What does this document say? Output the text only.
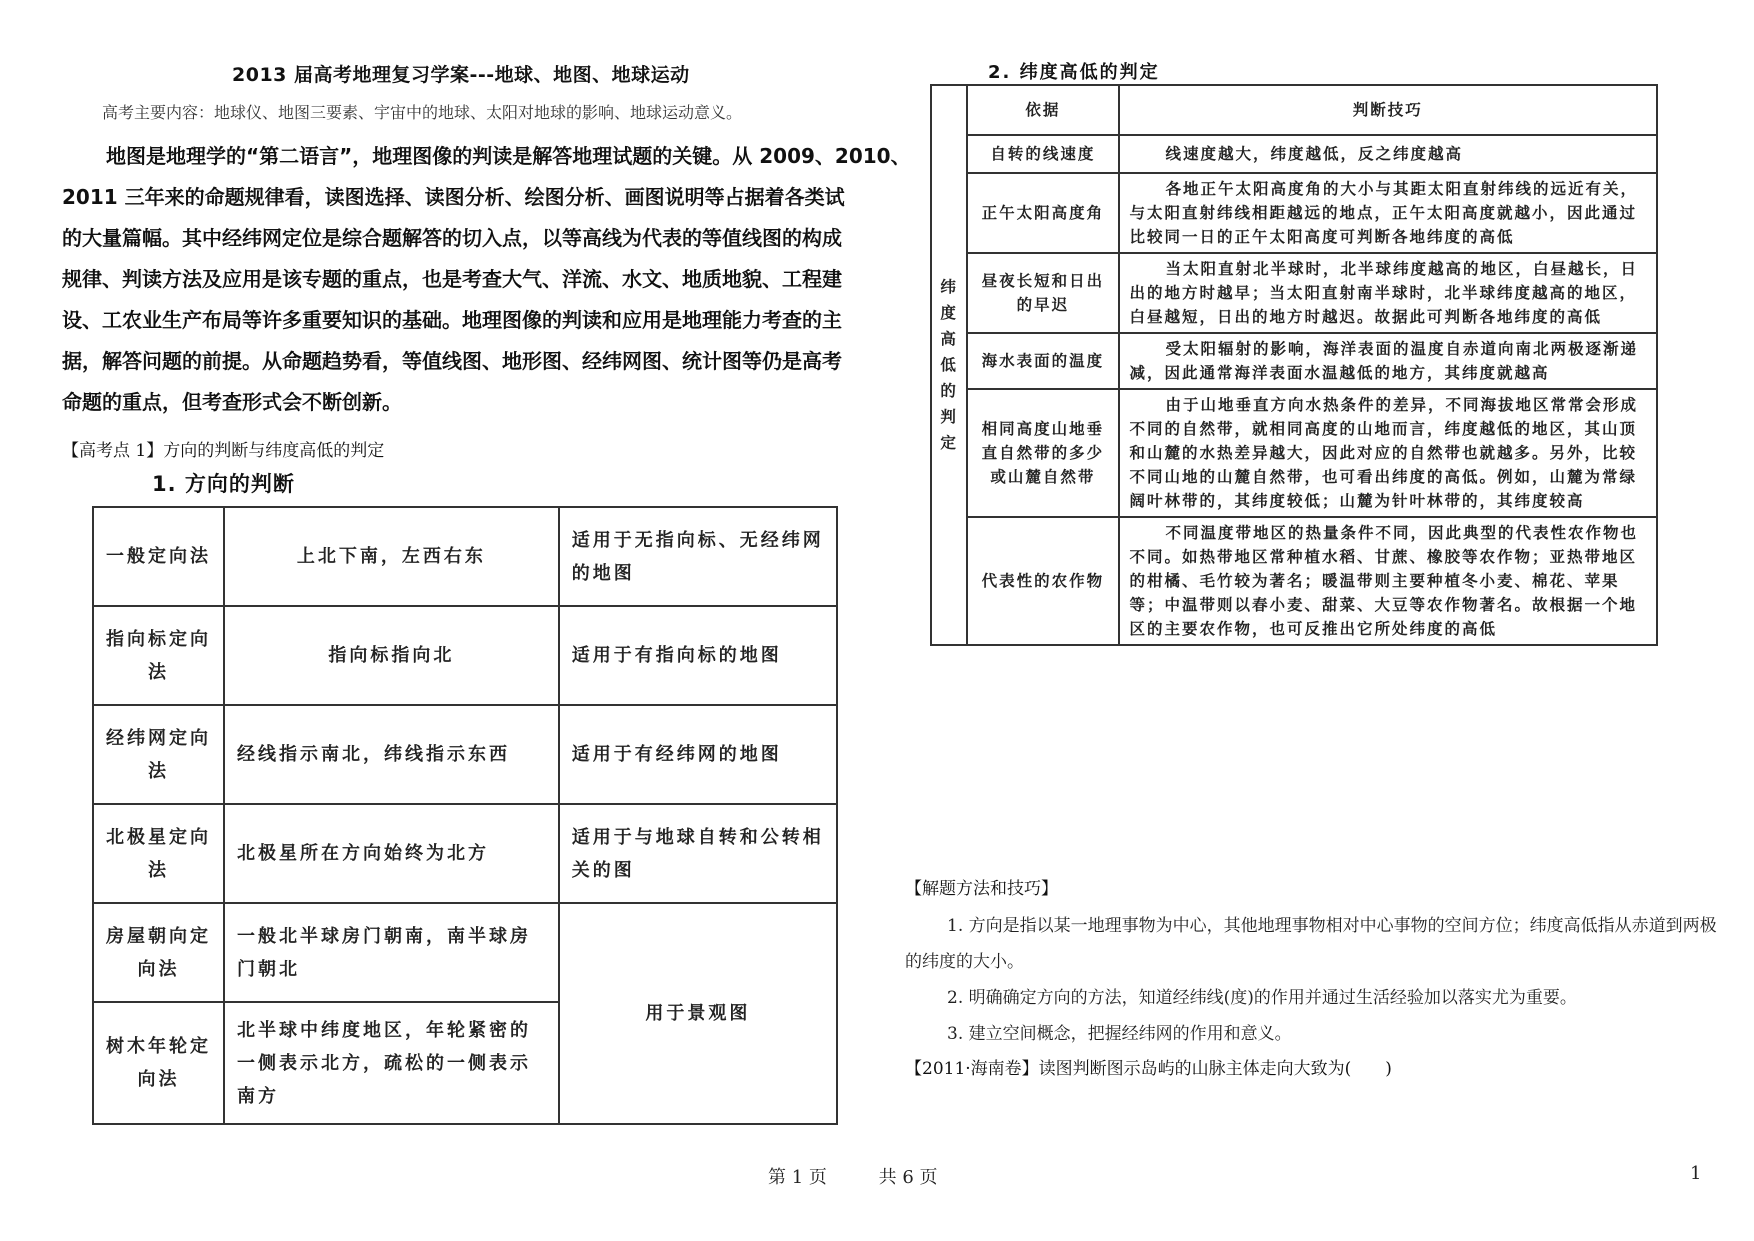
2013 届高考地理复习学案---地球、地图、地球运动
高考主要内容：地球仪、地图三要素、宇宙中的地球、太阳对地球的影响、地球运动意义。
地图是地理学的“第二语言”，地理图像的判读是解答地理试题的关键。从 2009、2010、
2011 三年来的命题规律看，读图选择、读图分析、绘图分析、画图说明等占据着各类试
的大量篇幅。其中经纬网定位是综合题解答的切入点，以等高线为代表的等值线图的构成
规律、判读方法及应用是该专题的重点，也是考查大气、洋流、水文、地质地貌、工程建
设、工农业生产布局等许多重要知识的基础。地理图像的判读和应用是地理能力考查的主
据，解答问题的前提。从命题趋势看，等值线图、地形图、经纬网图、统计图等仍是高考
命题的重点，但考查形式会不断创新。
【高考点 1】方向的判断与纬度高低的判定
1. 方向的判断
一般定向法	上北下南，左西右东	适用于无指向标、无经纬网的地图
指向标定向法	指向标指向北	适用于有指向标的地图
经纬网定向法	经线指示南北，纬线指示东西	适用于有经纬网的地图
北极星定向法	北极星所在方向始终为北方	适用于与地球自转和公转相关的图
房屋朝向定向法	一般北半球房门朝南，南半球房门朝北	用于景观图
树木年轮定向法	北半球中纬度地区，年轮紧密的一侧表示北方，疏松的一侧表示南方	
2. 纬度高低的判定
纬度高低的判定	依据	判断技巧
	自转的线速度	线速度越大，纬度越低，反之纬度越高
	正午太阳高度角	各地正午太阳高度角的大小与其距太阳直射纬线的远近有关，与太阳直射纬线相距越远的地点，正午太阳高度就越小，因此通过比较同一日的正午太阳高度可判断各地纬度的高低
	昼夜长短和日出的早迟	当太阳直射北半球时，北半球纬度越高的地区，白昼越长，日出的地方时越早；当太阳直射南半球时，北半球纬度越高的地区，白昼越短，日出的地方时越迟。故据此可判断各地纬度的高低
	海水表面的温度	受太阳辐射的影响，海洋表面的温度自赤道向南北两极逐渐递减，因此通常海洋表面水温越低的地方，其纬度就越高
	相同高度山地垂直自然带的多少或山麓自然带	由于山地垂直方向水热条件的差异，不同海拔地区常常会形成不同的自然带，就相同高度的山地而言，纬度越低的地区，其山顶和山麓的水热差异越大，因此对应的自然带也就越多。另外，比较不同山地的山麓自然带，也可看出纬度的高低。例如，山麓为常绿阔叶林带的，其纬度较低；山麓为针叶林带的，其纬度较高
	代表性的农作物	不同温度带地区的热量条件不同，因此典型的代表性农作物也不同。如热带地区常种植水稻、甘蔗、橡胶等农作物；亚热带地区的柑橘、毛竹较为著名；暖温带则主要种植冬小麦、棉花、苹果等；中温带则以春小麦、甜菜、大豆等农作物著名。故根据一个地区的主要农作物，也可反推出它所处纬度的高低
【解题方法和技巧】

1. 方向是指以某一地理事物为中心，其他地理事物相对中心事物的空间方位；纬度高低指从赤道到两极的纬度的大小。

2. 明确确定方向的方法，知道经纬线(度)的作用并通过生活经验加以落实尤为重要。

3. 建立空间概念，把握经纬网的作用和意义。

【2011·海南卷】读图判断图示岛屿的山脉主体走向大致为(　　)
第 1 页	共 6 页	1
